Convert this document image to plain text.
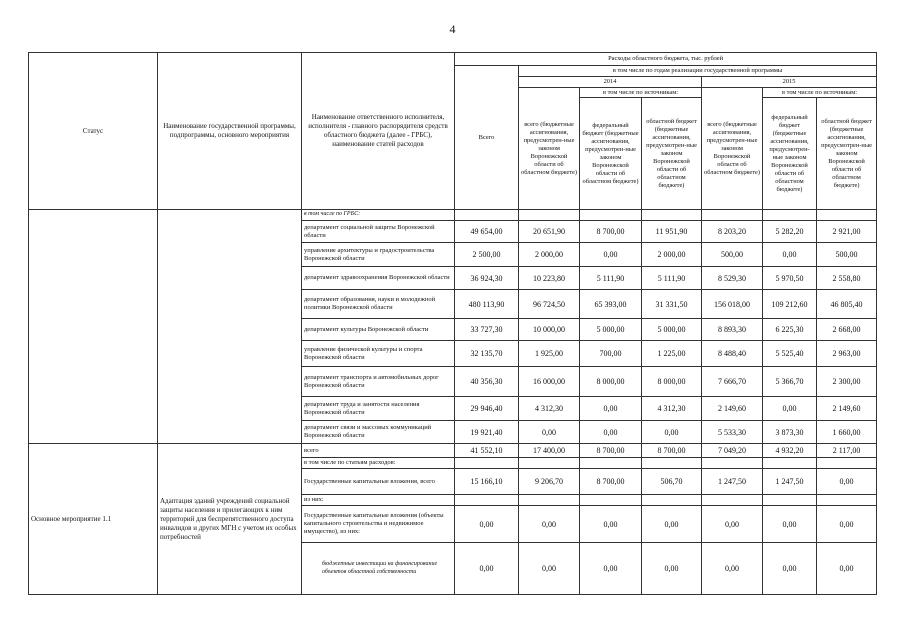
4
Статус	Наименование государственной программы, подпрограммы, основного мероприятия	Наименование ответственного исполнителя, исполнителя - главного распорядителя средств областного бюджета (далее - ГРБС), наименование статей расходов	Расходы областного бюджета, тыс. рублей						
			Всего	в том числе по годам реализации государственной программы					
				2014			2015		
				всего (бюджетные ассигнования, предусмотрен-ные законом Воронежской области об областном бюджете)	в том числе по источникам:		всего (бюджетные ассигнования, предусмотрен-ные законом Воронежской области об областном бюджете)	в том числе по источникам:	
					федеральный бюджет (бюджетные ассигнования, предусмотрен-ные законом Воронежской области об областном бюджете)	областной бюджет (бюджетные ассигнования, предусмотрен-ные законом Воронежской области об областном бюджете)		федеральный бюджет (бюджетные ассигнования, предусмотрен-ные законом Воронежской области об областном бюджете)	областной бюджет (бюджетные ассигнования, предусмотрен-ные законом Воронежской области об областном бюджете)
		в том числе по ГРБС:							
		департамент социальной защиты Воронежской области	49 654,00	20 651,90	8 700,00	11 951,90	8 203,20	5 282,20	2 921,00
		управление архитектуры и градостроительства Воронежской области	2 500,00	2 000,00	0,00	2 000,00	500,00	0,00	500,00
		департамент здравоохранения Воронежской области	36 924,30	10 223,80	5 111,90	5 111,90	8 529,30	5 970,50	2 558,80
		департамент образования, науки и молодежной политики Воронежской области	480 113,90	96 724,50	65 393,00	31 331,50	156 018,00	109 212,60	46 805,40
		департамент культуры Воронежской области	33 727,30	10 000,00	5 000,00	5 000,00	8 893,30	6 225,30	2 668,00
		управление физической культуры и спорта Воронежской области	32 135,70	1 925,00	700,00	1 225,00	8 488,40	5 525,40	2 963,00
		департамент транспорта и автомобильных дорог Воронежской области	40 356,30	16 000,00	8 000,00	8 000,00	7 666,70	5 366,70	2 300,00
		департамент труда и занятости населения Воронежской области	29 946,40	4 312,30	0,00	4 312,30	2 149,60	0,00	2 149,60
		департамент связи и массовых коммуникаций Воронежской области	19 921,40	0,00	0,00	0,00	5 533,30	3 873,30	1 660,00
Основное мероприятие 1.1	Адаптация зданий учреждений социальной защиты населения и прилегающих к ним территорий для беспрепятственного доступа инвалидов и других МГН с учетом их особых потребностей	всего	41 552,10	17 400,00	8 700,00	8 700,00	7 049,20	4 932,20	2 117,00
		в том числе по статьям расходов:							
		Государственные капитальные вложения, всего	15 166,10	9 206,70	8 700,00	506,70	1 247,50	1 247,50	0,00
		из них:							
		Государственные капитальные вложения (объекты капитального строительства и недвижимое имущество), из них:	0,00	0,00	0,00	0,00	0,00	0,00	0,00
		бюджетные инвестиции на финансирование объектов областной собственности	0,00	0,00	0,00	0,00	0,00	0,00	0,00
